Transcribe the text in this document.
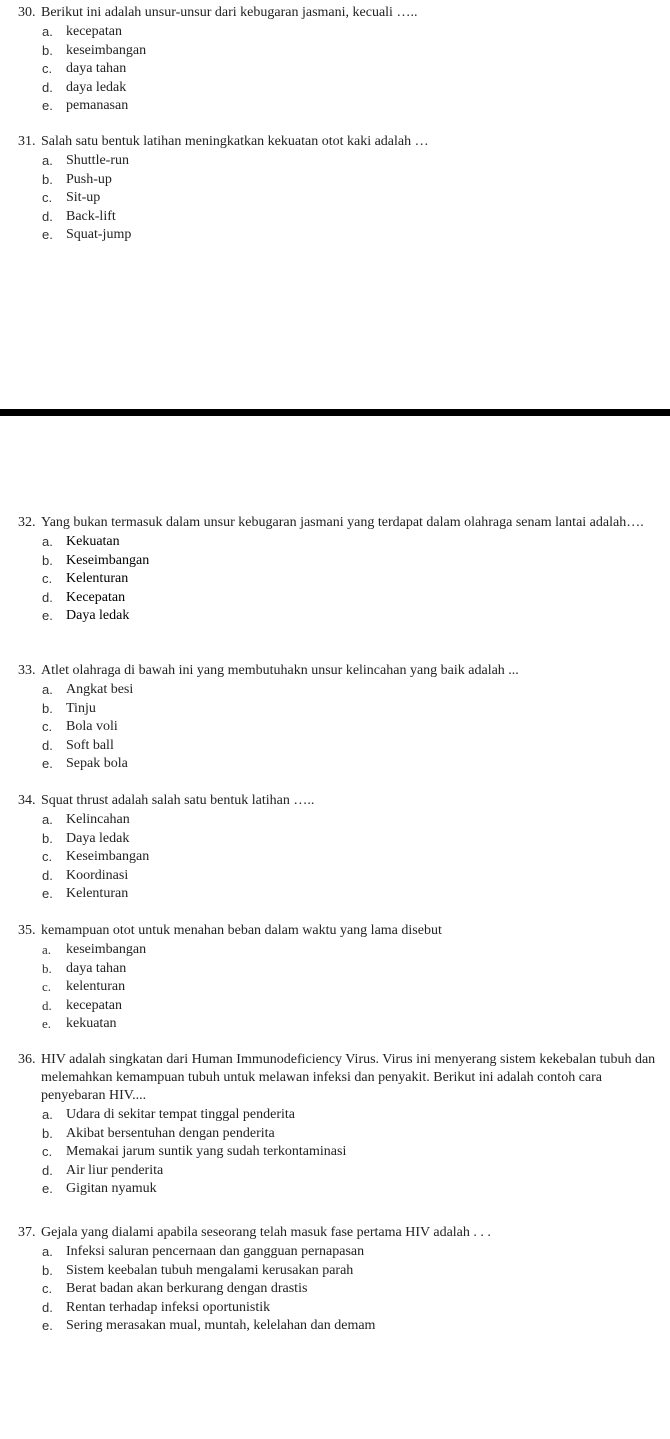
30. Berikut ini adalah unsur-unsur dari kebugaran jasmani, kecuali …..

a. kecepatan
b. keseimbangan
c. daya tahan
d. daya ledak
e. pemanasan

31. Salah satu bentuk latihan meningkatkan kekuatan otot kaki adalah …

a. Shuttle-run
b. Push-up
c. Sit-up
d. Back-lift
e. Squat-jump

32. Yang bukan termasuk dalam unsur kebugaran jasmani yang terdapat dalam olahraga senam lantai adalah….

a. Kekuatan
b. Keseimbangan
c. Kelenturan
d. Kecepatan
e. Daya ledak

33. Atlet olahraga di bawah ini yang membutuhakn unsur kelincahan yang baik adalah ...

a. Angkat besi
b. Tinju
c. Bola voli
d. Soft ball
e. Sepak bola

34. Squat thrust adalah salah satu bentuk latihan …..

a. Kelincahan
b. Daya ledak
c. Keseimbangan
d. Koordinasi
e. Kelenturan

35. kemampuan otot untuk menahan beban dalam waktu yang lama disebut

a.	keseimbangan
b.	daya tahan
c.	kelenturan
d.	kecepatan
e.	kekuatan

36. HIV adalah singkatan dari Human Immunodeficiency Virus. Virus ini menyerang sistem kekebalan tubuh dan melemahkan kemampuan tubuh untuk melawan infeksi dan penyakit. Berikut ini adalah contoh cara penyebaran HIV....

a. Udara di sekitar tempat tinggal penderita
b. Akibat bersentuhan dengan penderita
c. Memakai jarum suntik yang sudah terkontaminasi
d. Air liur penderita
e. Gigitan nyamuk

37. Gejala yang dialami apabila seseorang telah masuk fase pertama HIV adalah . . .

a. Infeksi saluran pencernaan dan gangguan pernapasan
b. Sistem keebalan tubuh mengalami kerusakan parah
c. Berat badan akan berkurang dengan drastis
d. Rentan terhadap infeksi oportunistik
e. Sering merasakan mual, muntah, kelelahan dan demam
